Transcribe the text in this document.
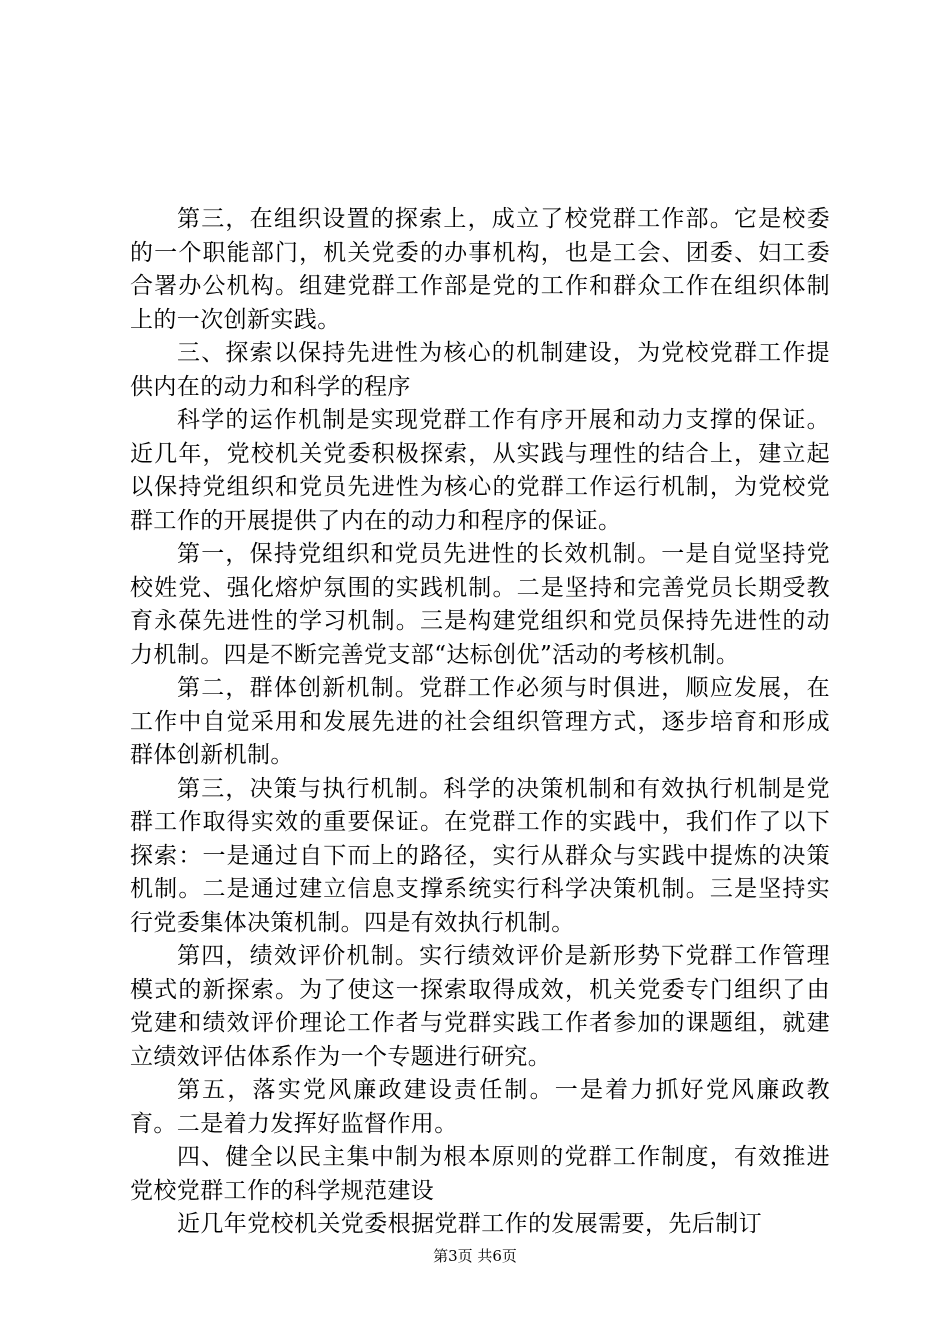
第三，在组织设置的探索上，成立了校党群工作部。它是校委的一个职能部门，机关党委的办事机构，也是工会、团委、妇工委合署办公机构。组建党群工作部是党的工作和群众工作在组织体制上的一次创新实践。

三、探索以保持先进性为核心的机制建设，为党校党群工作提供内在的动力和科学的程序

科学的运作机制是实现党群工作有序开展和动力支撑的保证。近几年，党校机关党委积极探索，从实践与理性的结合上，建立起以保持党组织和党员先进性为核心的党群工作运行机制，为党校党群工作的开展提供了内在的动力和程序的保证。

第一，保持党组织和党员先进性的长效机制。一是自觉坚持党校姓党、强化熔炉氛围的实践机制。二是坚持和完善党员长期受教育永葆先进性的学习机制。三是构建党组织和党员保持先进性的动力机制。四是不断完善党支部“达标创优”活动的考核机制。

第二，群体创新机制。党群工作必须与时俱进，顺应发展，在工作中自觉采用和发展先进的社会组织管理方式，逐步培育和形成群体创新机制。

第三，决策与执行机制。科学的决策机制和有效执行机制是党群工作取得实效的重要保证。在党群工作的实践中，我们作了以下探索：一是通过自下而上的路径，实行从群众与实践中提炼的决策机制。二是通过建立信息支撑系统实行科学决策机制。三是坚持实行党委集体决策机制。四是有效执行机制。

第四，绩效评价机制。实行绩效评价是新形势下党群工作管理模式的新探索。为了使这一探索取得成效，机关党委专门组织了由党建和绩效评价理论工作者与党群实践工作者参加的课题组，就建立绩效评估体系作为一个专题进行研究。

第五，落实党风廉政建设责任制。一是着力抓好党风廉政教育。二是着力发挥好监督作用。

四、健全以民主集中制为根本原则的党群工作制度，有效推进党校党群工作的科学规范建设

近几年党校机关党委根据党群工作的发展需要，先后制订

第3页 共6页
